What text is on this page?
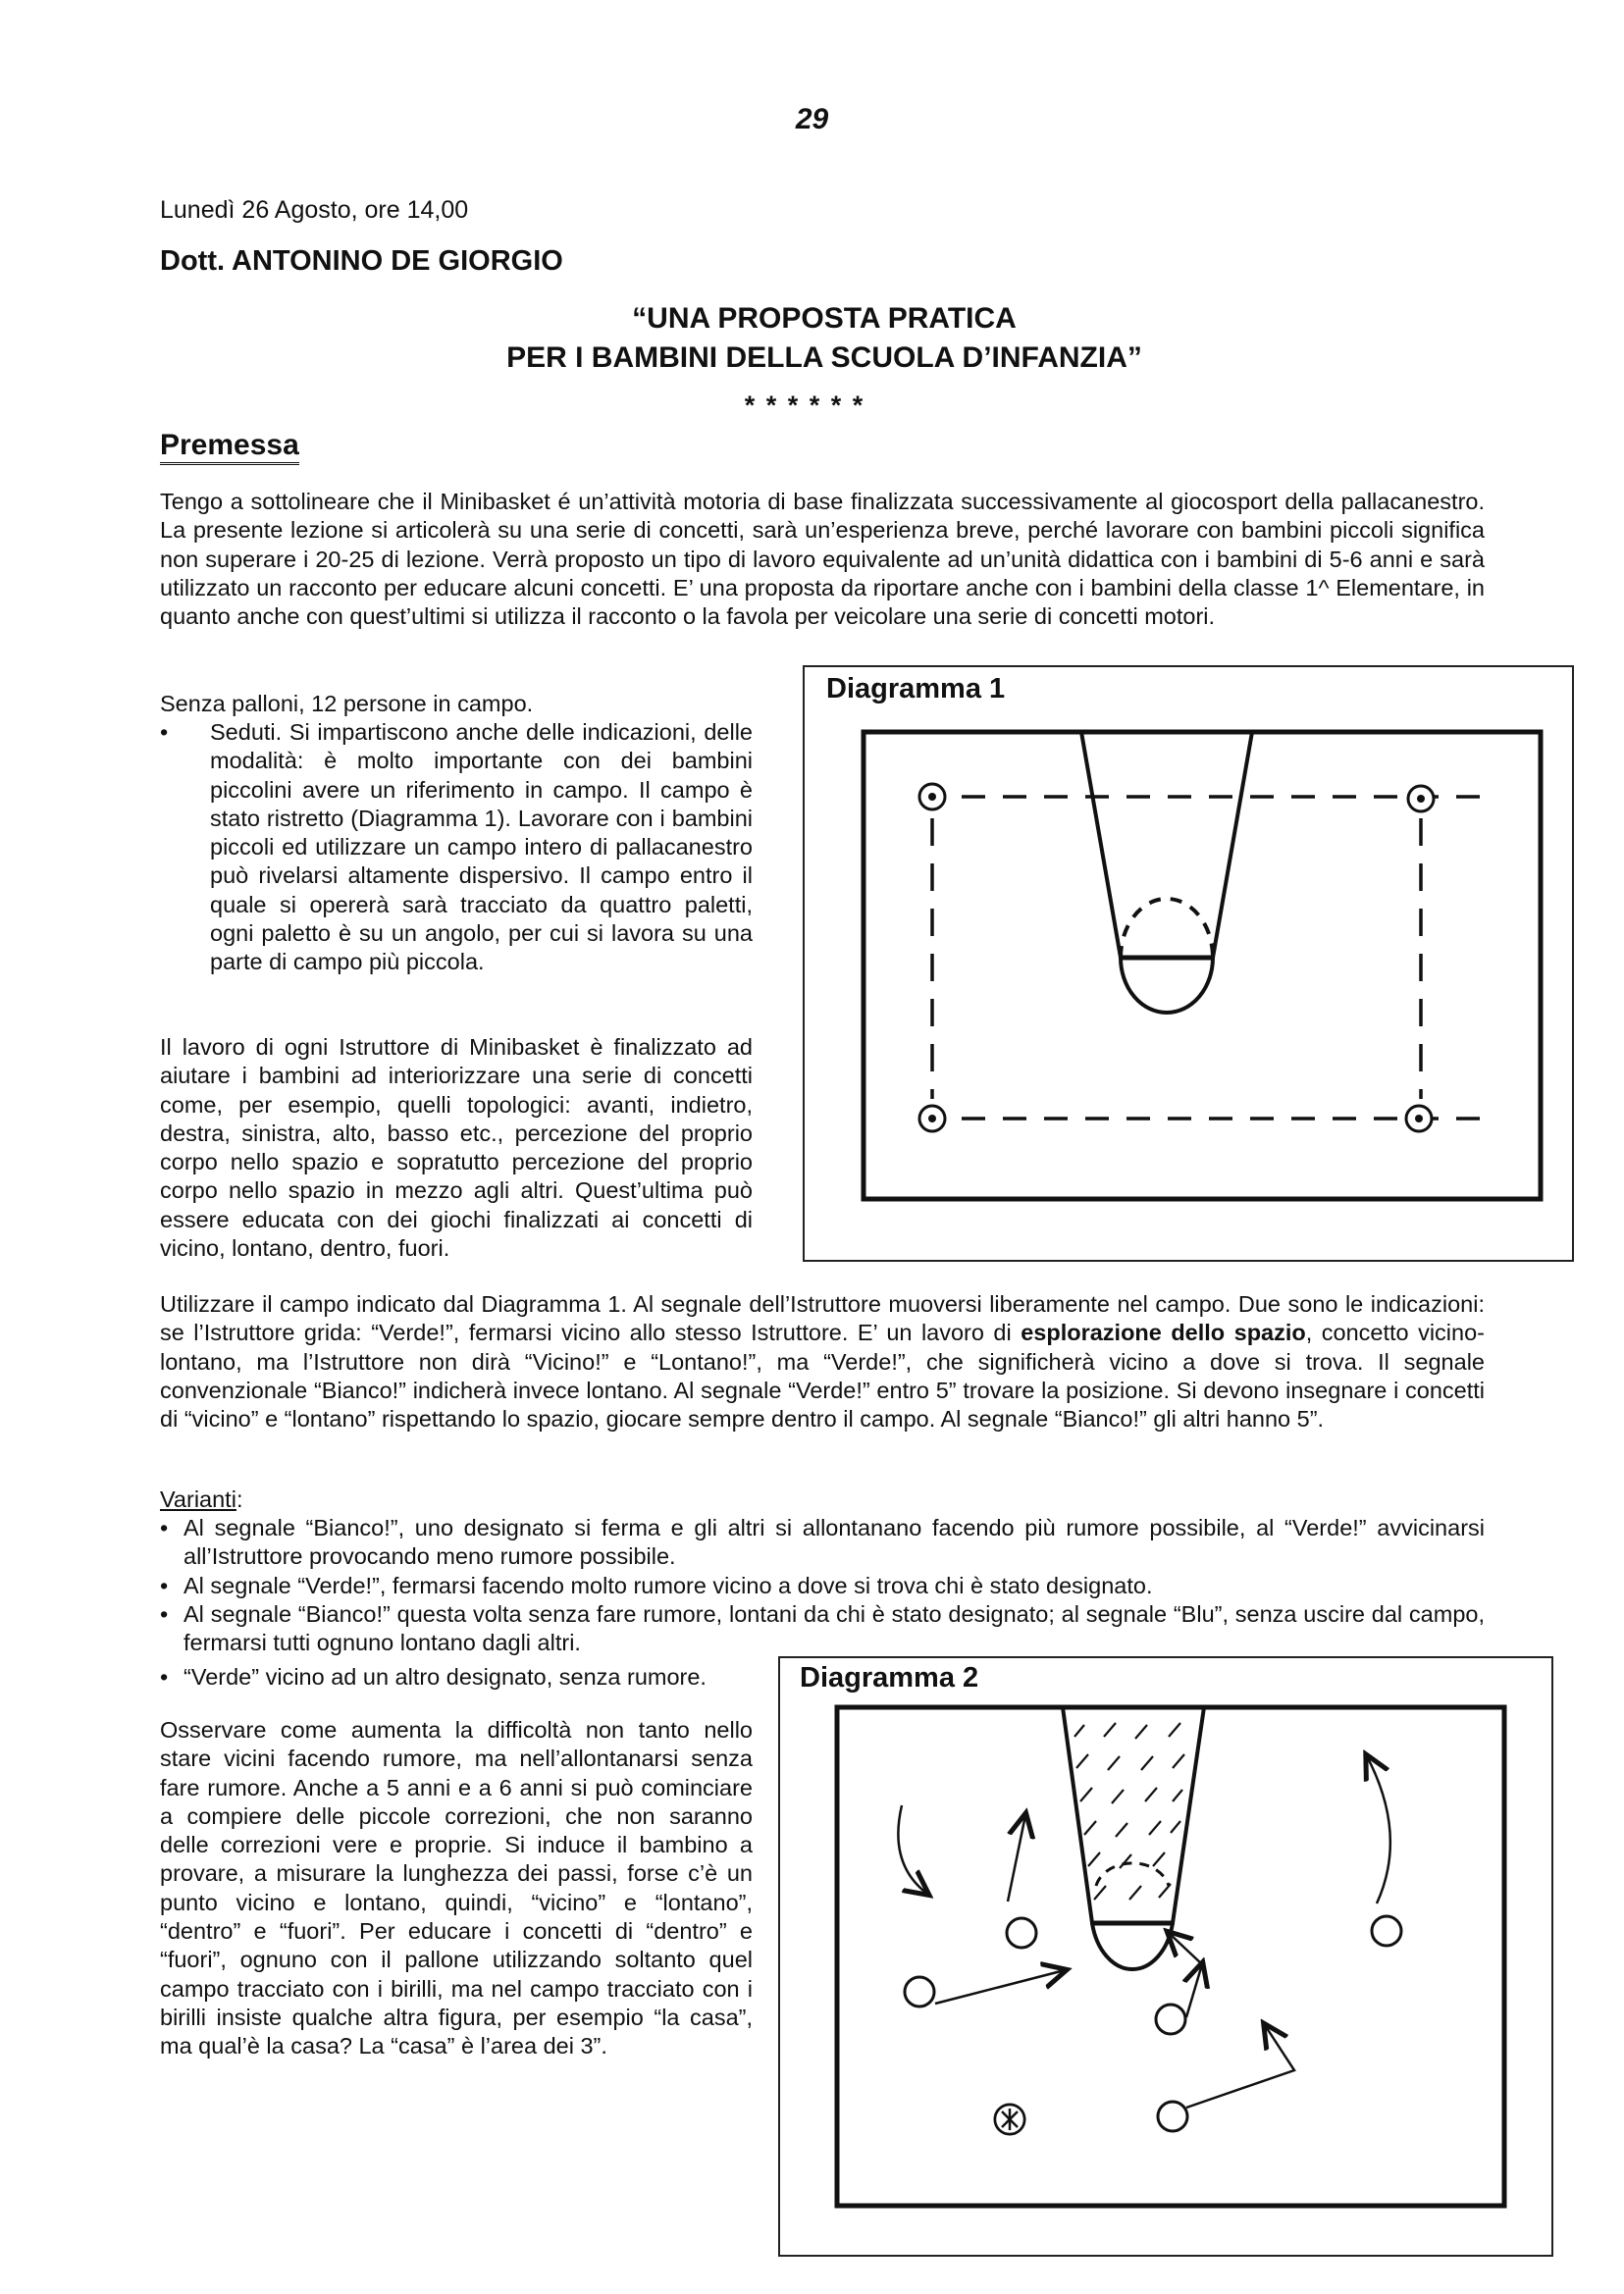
29
Lunedì 26 Agosto, ore 14,00
Dott. ANTONINO DE GIORGIO
“UNA PROPOSTA PRATICA
PER I BAMBINI DELLA SCUOLA D’INFANZIA”
* * * * * *
Premessa
Tengo a sottolineare che il Minibasket é un’attività motoria di base finalizzata successivamente al giocosport della pallacanestro. La presente lezione si articolerà su una serie di concetti, sarà un’esperienza breve, perché lavorare con bambini piccoli significa non superare i 20-25 di lezione. Verrà proposto un tipo di lavoro equivalente ad un’unità didattica con i bambini di 5-6 anni e sarà utilizzato un racconto per educare alcuni concetti. E’ una proposta da riportare anche con i bambini della classe 1^ Elementare, in quanto anche con quest’ultimi si utilizza il racconto o la favola per veicolare una serie di concetti motori.
Senza palloni, 12 persone in campo.
• Seduti. Si impartiscono anche delle indicazioni, delle modalità: è molto importante con dei bambini piccolini avere un riferimento in campo. Il campo è stato ristretto (Diagramma 1). Lavorare con i bambini piccoli ed utilizzare un campo intero di pallacanestro può rivelarsi altamente dispersivo. Il campo entro il quale si opererà sarà tracciato da quattro paletti, ogni paletto è su un angolo, per cui si lavora su una parte di campo più piccola.
Il lavoro di ogni Istruttore di Minibasket è finalizzato ad aiutare i bambini ad interiorizzare una serie di concetti come, per esempio, quelli topologici: avanti, indietro, destra, sinistra, alto, basso etc., percezione del proprio corpo nello spazio e sopratutto percezione del proprio corpo nello spazio in mezzo agli altri. Quest’ultima può essere educata con dei giochi finalizzati ai concetti di vicino, lontano, dentro, fuori.
Utilizzare il campo indicato dal Diagramma 1. Al segnale dell’Istruttore muoversi liberamente nel campo. Due sono le indicazioni: se l’Istruttore grida: “Verde!”, fermarsi vicino allo stesso Istruttore. E’ un lavoro di esplorazione dello spazio, concetto vicino-lontano, ma l’Istruttore non dirà “Vicino!” e “Lontano!”, ma “Verde!”, che significherà vicino a dove si trova. Il segnale convenzionale “Bianco!” indicherà invece lontano. Al segnale “Verde!” entro 5” trovare la posizione. Si devono insegnare i concetti di “vicino” e “lontano” rispettando lo spazio, giocare sempre dentro il campo. Al segnale “Bianco!” gli altri hanno 5”.
Varianti:
• Al segnale “Bianco!”, uno designato si ferma e gli altri si allontanano facendo più rumore possibile, al “Verde!” avvicinarsi all’Istruttore provocando meno rumore possibile.
• Al segnale “Verde!”, fermarsi facendo molto rumore vicino a dove si trova chi è stato designato.
• Al segnale “Bianco!” questa volta senza fare rumore, lontani da chi è stato designato; al segnale “Blu”, senza uscire dal campo, fermarsi tutti ognuno lontano dagli altri.
• “Verde” vicino ad un altro designato, senza rumore.
Osservare come aumenta la difficoltà non tanto nello stare vicini facendo rumore, ma nell’allontanarsi senza fare rumore. Anche a 5 anni e a 6 anni si può cominciare a compiere delle piccole correzioni, che non saranno delle correzioni vere e proprie. Si induce il bambino a provare, a misurare la lunghezza dei passi, forse c’è un punto vicino e lontano, quindi, “vicino” e “lontano”, “dentro” e “fuori”. Per educare i concetti di “dentro” e “fuori”, ognuno con il pallone utilizzando soltanto quel campo tracciato con i birilli, ma nel campo tracciato con i birilli insiste qualche altra figura, per esempio “la casa”, ma qual’è la casa? La “casa” è l’area dei 3”.
Diagramma 1
Diagramma 2
